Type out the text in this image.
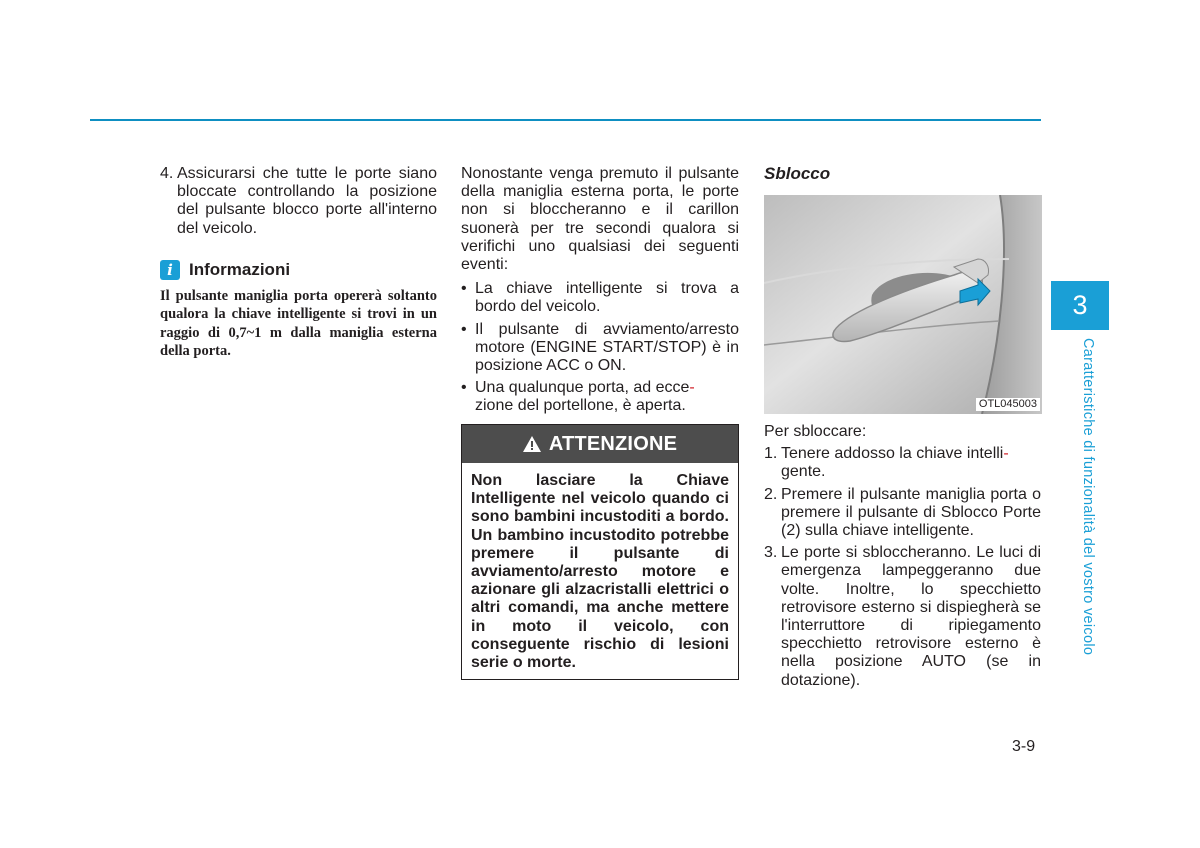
4. Assicurarsi che tutte le porte siano bloccate controllando la posizione del pulsante blocco porte all'interno del veicolo.
i Informazioni
Il pulsante maniglia porta opererà soltanto qualora la chiave intelligente si trovi in un raggio di 0,7~1 m dalla maniglia esterna della porta.
Nonostante venga premuto il pulsante della maniglia esterna porta, le porte non si bloccheranno e il carillon suonerà per tre secondi qualora si verifichi uno qualsiasi dei seguenti eventi:
• La chiave intelligente si trova a bordo del veicolo.
• Il pulsante di avviamento/arresto motore (ENGINE START/STOP) è in posizione ACC o ON.
• Una qualunque porta, ad ecce-
zione del portellone, è aperta.
ATTENZIONE
Non lasciare la Chiave Intelligente nel veicolo quando ci sono bambini incustoditi a bordo. Un bambino incustodito potrebbe premere il pulsante di avviamento/arresto motore e azionare gli alzacristalli elettrici o altri comandi, ma anche mettere in moto il veicolo, con conseguente rischio di lesioni serie o morte.
Sblocco
OTL045003
Per sbloccare:
1. Tenere addosso la chiave intelli-
gente.
2. Premere il pulsante maniglia porta o premere il pulsante di Sblocco Porte (2) sulla chiave intelligente.
3. Le porte si sbloccheranno. Le luci di emergenza lampeggeranno due volte. Inoltre, lo specchietto retrovisore esterno si dispiegherà se l'interruttore di ripiegamento specchietto retrovisore esterno è nella posizione AUTO (se in dotazione).
3
Caratteristiche di funzionalità del vostro veicolo
3-9
